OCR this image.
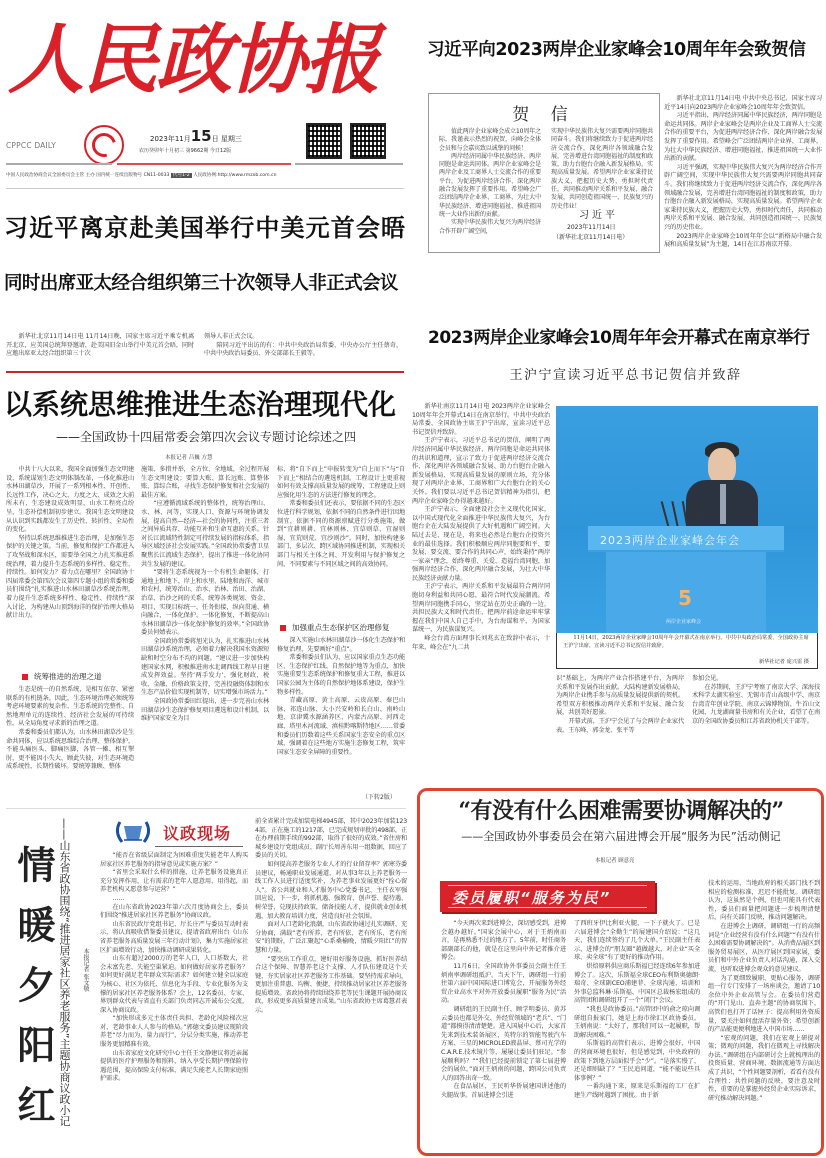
人民政协报
CPPCC DAILY
2023年11月15日 星期三
农历癸卯年十月初三 第9662期 今日12版
中国人民政治协商会议全国委员会主管 主办 国内统一连续出版物号 CN11-0033 代号1-2 人民政协网:http://www.rmzxb.com.cn
习近平离京赴美国举行中美元首会晤
同时出席亚太经合组织第三十次领导人非正式会议

新华社北京11月14日电 11月14日晚，国家主席习近平乘专机离开北京，应美国总统拜登邀请，赴美国旧金山举行中美元首会晤，同时应邀出席亚太经合组织第三十次

领导人非正式会议。

陪同习近平出访的有：中共中央政治局常委、中央办公厅主任蔡奇，中共中央政治局委员、外交部部长王毅等。

以系统思维推进生态治理现代化
——全国政协十四届常委会第四次会议专题讨论综述之四
本报记者 吕巍 方慧

中共十八大以来，我国全面加强生态文明建设，系统谋划生态文明体制改革，一体化推进山水林田湖草沙，开展了一系列根本性、开创性、长远性工作，决心之大、力度之大、成效之大前所未有，生态建设成效明显，山水工程亮点纷呈，生态补偿机制初步建立。我国生态文明建设从认识到实践都发生了历史性、转折性、全局性的变化。

坚持以系统思维推进生态治理，是加强生态保护的关键之策。当前，修复和保护工作都进入了攻坚战和深水区，需要举全国之力扎实推进系统治理，着力提升生态系统的多样性、稳定性、持续性。如何发力？着力点在哪里？全国政协十四届常委会第四次会议第四专题小组的常委和委员们围绕“扎实推进山水林田湖草沙系统治理，着力提升生态系统多样性、稳定性、持续性”深入讨论，为构建从山顶到海洋的保护治理大格局献计出力。

统筹推进的治理之道

生态是统一的自然系统，是相互依存、紧密联系的有机链条。因此，生态环境治理必须统筹考虑环境要素的复杂性、生态系统的完整性、自然地理单元的连续性、经济社会发展的可持续性，从全局角度寻求新的治理之道。

常委和委员们都认为，山水林田湖草沙是生命共同体，应以系统思维综合治理、整体保护，不能头痛医头、脚痛医脚，各管一摊、相互掣肘，更不能因小失大、顾此失彼，对生态环境造成系统性、长期性破坏。要统筹兼顾、整体

施策、多措并举，全方位、全地域、全过程开展生态文明建设；要算大账、算长远账、算整体账、算综合账，寻找生态保护修复和社会发展的最佳方案。

“应遵循流域系统的整体性，统筹治理山、水、林、河等，实现人口、资源与环境协调发展，提高自然—经济—社会的协同性，注重三者之间异质共存、功能互补和生命互惠的关系。针对长江流域特性制定可持续发展的指标体系，指导区域经济社会发展实践。”全国政协常委曹卫星聚焦长江流域生态保护，提出了推进一体化协同共生发展的建议。

“要将生态系统视为一个有机生命躯体，打通地上和地下、岸上和水里、陆地和海洋、城市和农村，统筹治山、治水、治林、治田、治湖、治草、治沙之间的关系，统筹各类规划、资金、项目，实现目标统一、任务衔接，纵向贯通、横向融合，一体化保护、一体化修复，不断提高山水林田湖草沙一体化保护修复的效率。”全国政协委员何婧表示。

全国政协常委蒋旭光认为，扎实推进山水林田湖草沙系统治理，必须着力解决我国水资源短缺和时空分布不均的问题。“建议进一步加快构建国家水网，积极推进南水北调西线工程早日建成发挥效益。坚持‘两手发力’，强化财政、税收、金融、价格政策支持，完善投融资体制和水生态产品价值实现机制等，切实增强市场活力。”

全国政协常委田红提出，进一步完善山水林田湖草沙生态保护修复项目遴选和设计机制，以维护国家安全为目

标，将“自下而上”申报转变为“自上而下”与“自下而上”相结合的遴选机制。工程设计上更重视如何有效支撑高质量发展的统筹，工程建设上则应强化用生态的方法进行修复的理念。

常委和委员们还表示，要依据不同的生态区位进行科学规划，依据不同的自然条件进行因地制宜，依据不同的资源禀赋进行分类施策，做到“宜耕则耕、宜林则林、宜草则草、宜湿则湿、宜荒则荒、宜沙则沙”。同时，加快构建多部门、多层次、跨区域协同推进机制，实现相关部门与相关主体之间、开发利用与保护修复之间、不同要素与不同区域之间的高效协同。

加强重点生态保护区治理修复

深入实施山水林田湖草沙一体化生态保护和修复治理，先要画好“重点”。

常委和委员们认为，应以国家重点生态功能区、生态保护红线、自然保护地等为重点，加快实施重要生态系统保护和修复重大工程，推进以国家公园为主体的自然保护地体系建设，保护生物多样性。

青藏高原、黄土高原、云贵高原、秦巴山脉、祁连山脉、大小兴安岭和长白山、南岭山地、京津冀水源涵养区、内蒙古高原、河西走廊、塔里木河流域、滇桂黔喀斯特地区……常委和委员们历数着这些关系国家生态安全的重点区域，强调着在这些地方实施生态修复工程，筑牢国家生态安全屏障的重要性。

（下转2版）
习近平向2023两岸企业家峰会10周年年会致贺信
贺 信

值此两岸企业家峰会成立10周年之际，我谨表示热烈的祝贺，向峰会全体会员和与会嘉宾致以诚挚的问候！

两岸经济同属中华民族经济，两岸同胞是命运共同体。两岸企业家峰会是两岸企业及工商界人士交流合作的重要平台，为促进两岸经济合作、深化两岸融合发展发挥了重要作用。希望峰会广泛团结两岸企业界、工商界，为壮大中华民族经济、增进同胞福祉、推进祖国统一大业作出新的贡献。

实现中华民族伟大复兴为两岸经济合作开辟广阔空间，

实现中华民族伟大复兴需要两岸同胞共同奋斗。我们将继续致力于促进两岸经济交流合作，深化两岸各领域融合发展，完善增进台湾同胞福祉的制度和政策，助力台胞台企融入新发展格局，实现高质量发展。希望两岸企业家秉持民族大义，把握历史大势，勇担时代责任，共同推动两岸关系和平发展、融合发展，共同创造祖国统一、民族复兴的历史伟业！

习近平
2023年11月14日
（新华社北京11月14日电）

新华社北京11月14日电 中共中央总书记、国家主席习近平14日向2023两岸企业家峰会10周年年会致贺信。

习近平指出，两岸经济同属中华民族经济，两岸同胞是命运共同体。两岸企业家峰会是两岸企业及工商界人士交流合作的重要平台，为促进两岸经济合作、深化两岸融合发展发挥了重要作用。希望峰会广泛团结两岸企业界、工商界，为壮大中华民族经济、增进同胞福祉、推进祖国统一大业作出新的贡献。

习近平强调，实现中华民族伟大复兴为两岸经济合作开辟广阔空间，实现中华民族伟大复兴需要两岸同胞共同奋斗。我们将继续致力于促进两岸经济交流合作，深化两岸各领域融合发展，完善增进台湾同胞福祉的制度和政策，助力台胞台企融入新发展格局，实现高质量发展。希望两岸企业家秉持民族大义，把握历史大势，勇担时代责任，共同推动两岸关系和平发展、融合发展，共同创造祖国统一、民族复兴的历史伟业。

2023两岸企业家峰会10周年年会以“新格局中融合发展和高质量发展”为主题，14日在江苏南京开幕。

2023两岸企业家峰会10周年年会开幕式在南京举行
王沪宁宣读习近平总书记贺信并致辞

新华社南京11月14日电 2023两岸企业家峰会10周年年会开幕式14日在南京举行。中共中央政治局常委、全国政协主席王沪宁出席，宣读习近平总书记贺信并致辞。

王沪宁表示，习近平总书记的贺信，阐明了两岸经济同属中华民族经济、两岸同胞是命运共同体的共识和道理，宣示了致力于促进两岸经济交流合作、深化两岸各领域融合发展、助力台胞台企融入新发展格局、实现高质量发展的原则立场，充分体现了对两岸企业界、工商界和广大台胞台企的关心关怀。我们要以习近平总书记贺信精神为指引，把两岸企业家峰会办得越来越好。

王沪宁表示，全面建设社会主义现代化国家，以中国式现代化全面推进中华民族伟大复兴，为台胞台企在大陆发展提供了大好机遇和广阔空间。大陆过去是、现在是，将来也必然是台胞台企投资兴业的最佳选择。我们积极顺应两岸同胞要和平、要发展、要交流、要合作的共同心声，始终秉持“两岸一家亲”理念，始终尊重、关爱、造福台湾同胞，加强两岸经济合作，深化两岸融合发展，为壮大中华民族经济贡献力量。

王沪宁表示，两岸关系和平发展最符合两岸同胞切身利益和共同心愿，最符合时代发展潮流。希望两岸同胞携手同心，坚定站在历史正确的一边，共担民族大义和时代责任，把两岸前途命运牢牢掌握在我们中国人自己手中，为台海谋和平，为国家谋统一，为民族谋复兴。

峰会台湾方面理事长刘兆玄在致辞中表示，十年来，峰会在“九二共

2023两岸企业家峰会年会
5
两岸企业家峰会
11月14日，2023两岸企业家峰会10周年年会开幕式在南京举行。中共中央政治局常委、全国政协主席王沪宁出席，宣读习近平总书记贺信并致辞。
新华社记者 庞兴雷 摄

识”基础上，为两岸产业合作搭建平台，为两岸关系和平发展作出贡献。大陆构建新发展格局，为两岸企业携手参与高质量发展提供新的契机。希望双方积极推动两岸关系和平发展、融合发展，共创美好愿景。

开幕式前，王沪宁会见了与会两岸企业家代表。王东峰、郭金龙、张平等

参加会见。

在苏期间，王沪宁考察了南京大学、深海技术科学太湖实验室、无锡市青山高级中学、南京台湾青年创业学院、南京云锦博物馆、牛首山文化园、九龙湖商量书房和有关企业，看望了在南京的全国政协委员和江苏省政协机关干部等。

“有没有什么困难需要协调解决的”
——全国政协外事委员会在第六届进博会开展“服务为民”活动侧记
本报记者 顾意亮
委员履职“服务为民”

“今天再次来到进博会，深切感受到，进博会越办越好。”国家会展中心，对于王炳南而言，是再熟悉不过的地方了。5年前，时任商务部副部长的他，就是在这里向中外记者推介进博会。

11月6日，全国政协外事委员会副主任王炳南率调研组抵沪。当天下午，调研组一行前往第六届中国国际进口博览会，开展服务外经贸企业高水平对外开放委员履职“服务为民”活动。

调研组的王民副主任、顾学明委员、黄苏云委员也都是外交、外经贸领域的“老兵”、“门道”都摸得清清楚楚。进入国展中心后，大家首先来到技术装备展区，英特尔的智能驾驶汽车方案、三星的MICROLED液晶屏、蔡司光学的C.A.R.E.技术镜片等，屡屡让委员们驻足。“参展顺利吗？”“我们已经提前锁定了第七届进博会的展位。”面对王炳南的问题，跨国公司负责人的回答出奇一致。

在食品展区，王民听华侨展建国讲述他的火腿故事。首届进博会引进

了西班牙伊比利亚火腿，一下子就火了。已是六届进博会“全勤生”的展建国介绍说：“这几天，我们连续签约了几个大单。”王民副主任表示，进博会的“朋友圈”越做越大，对企业“买全球、卖全球”有了更好的推动作用。

烘焙原料供应商乐斯福已经连续6年参加进博会了。这次，乐斯福全球CEO布利斯奥德朗·瑞奇、全球副CEO浦建菲、全球沟通、培训和外事总监科琳·乐斯福、中国区总裁杨宏组成的高管团和调研组开了一个“闭门”会议。

“我也是政协委员。”高管团中的俞之琼向调研组自报家门，她是上海市徐汇区政协委员。王炳南说：“太好了，那我们可以一起履职，帮助解决困难。”

乐斯福的高管们表示，进博会很好，中国的营商环境也很好，但是感觉到，中央政府的政策下到地方层面似乎会“少”。“是落实慢了，还是细则缺了？”王民追问道，“能不能说些具体事例？”

一番沟通下来，原来是乐斯福的工厂在扩建生产线时遇到了困扰。由于新

技术的运用，当地政府的相关部门找不到相应的检测标准，迟迟不能批复。调研组认为，这虽然是个例，但也可能具有代表性，委员们商量把问题进一步梳理清楚后，向有关部门反映，推动问题解决。

在进博会上调研，调研组一行的高频词是“企业经营有没有什么问题”“有没有什么困难需要协调解决的”。从消费品展区到服务贸易展区，从医疗展区到国家展，委员们和中外企业负责人对话沟通，深入交流，也听取进博会观众的意见建议。

为了更细致履职、更贴心服务，调研组一行专门安排了一场座谈会，邀请了10余位中外企业高管与会。在委员们营造的“开门见山、直奔主题”的协商氛围下，高管们也打开了话匣子：提高利用外资质量，要关注如何盘活存量外资；希望创新的产品能更便利地进入中国市场……

“宏观的问题，我们在宏观上研提对策；微观的问题，我们在微观上寻找解决办法。”调研组在内部研讨会上就梳理出的投资质量、营商环境、数据流通等方面达成了共识，“个性问题要剖析，看看有没有合理性；共性问题的反映，要注意及时性，重要的是掌握外经贸企业实际诉求，研究推动解决问题。”

情暖夕阳红 ——山东省政协围绕“推进居家社区养老服务”主题协商议政小记	本报记者 张文敬
议政现场

“能否在省级层面制定为困难重度失能老年人购买居家社区养老服务的指导意见或实施方案？”

“省里会采取什么样的措施，让养老服务设施真正充分发挥作用，让有需求的老年人愿意用、用得起，而养老机构又愿意参与运营？”

……

在山东省政协2023年第六次月度协商会上，委员们围绕“推进居家社区养老服务”协商议政。

山东省民政厅党组书记、厅长庄严与委员互动时表示，将认真吸收借鉴委员建议，提请省政府出台《山东省养老服务高质量发展三年行动计划》，集力实施居家社区扩面增效行动，加快推动调研成果转化。

山东有超过2000万的老年人口，人口基数大，社会未富先老、失能空巢紧迫。如何做好居家养老服务？如何更好满足老年群众实际需求？如何建立健全以家庭为核心、社区为依托、信息化为手段、专业化服务为支撑的居家社区养老服务体系？会上，12名委员、专家、界别群众代表与省直有关部门负责同志开诚布公交流，深入协商议政。

“加快形成多元主体责任共担、老龄化风险梯次应对、老龄事业人人参与的格局。”郭德文委员建议现阶段养老“尽力而为、量力而行”，分层分类实施，推动养老服务更加精准有效。

山东省家庭文化研究中心主任王文静建议将近亲属提供的医疗护理服务和照料，纳入享受长期护理保险待遇范围，提高保险支付标准，满足失能老人长期家庭照护需求。

前全省累计完成加装电梯4945部，其中2023年加装1234部，正在施工的1217部，已完成规划审批的498部，正在办理前期手续的992部，取得了很好的成效。”省住房和城乡建设厅党组成员、副厅长周善东用一组数据，回应了委员的关切。

如何提高养老服务专业人才的行业留存率？郭寒芬委员建议，畅通职业发展通道，对从事3年以上养老服务一线工作人员进行适度奖补，为养老事业发展更好“拴心留人”。省公共就业和人才服务中心党委书记、主任衣军强回应说，下一步，将抓机遇、强教育、创声誉、提待遇、树荣誉，兑现扶持政策，储备技能人才，提供就业创业机遇，加大教育培训力度，营造良好社会氛围。

面对人口老龄化浪潮，山东省政协通过扎实调研、充分协商，满载“老有所养、老有所依、老有所乐、老有所安”的期盼，广泛汇聚起“心系桑榆晚，情暖夕阳红”的智慧和力量。

“要突出工作重点，建好用好服务设施，抓好医养结合这个保障、智慧养老这个支撑、人才队伍建设这个关键，夯实居家社区养老服务工作基础。要坚持需求导向，更加注重普惠、均衡、便捷，持续推动居家社区养老服务提质增效。省政协将持续围绕养老等民生课题开展协商议政，形成更多高质量建言成果。”山东省政协主席葛慧君表示。
